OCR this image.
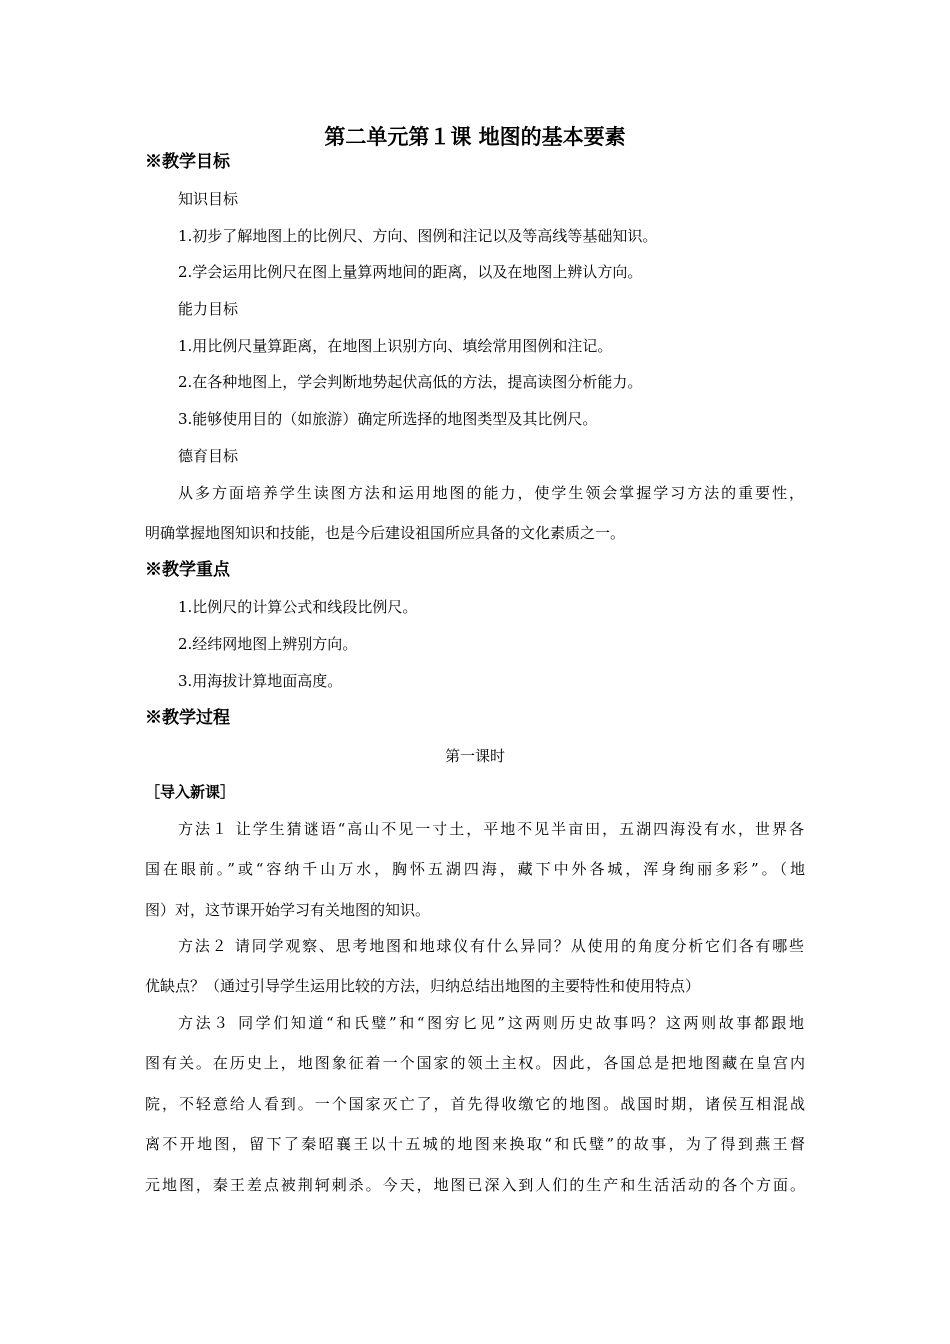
第二单元第１课 地图的基本要素
※教学目标
知识目标
1.初步了解地图上的比例尺、方向、图例和注记以及等高线等基础知识。
2.学会运用比例尺在图上量算两地间的距离，以及在地图上辨认方向。
能力目标
1.用比例尺量算距离，在地图上识别方向、填绘常用图例和注记。
2.在各种地图上，学会判断地势起伏高低的方法，提高读图分析能力。
3.能够使用目的（如旅游）确定所选择的地图类型及其比例尺。
德育目标
从多方面培养学生读图方法和运用地图的能力，使学生领会掌握学习方法的重要性，
明确掌握地图知识和技能，也是今后建设祖国所应具备的文化素质之一。
※教学重点
1.比例尺的计算公式和线段比例尺。
2.经纬网地图上辨别方向。
3.用海拔计算地面高度。
※教学过程
第一课时
［导入新课］
方法１ 让学生猜谜语“高山不见一寸土，平地不见半亩田，五湖四海没有水，世界各
国在眼前。”或“容纳千山万水，胸怀五湖四海，藏下中外各城，浑身绚丽多彩”。（地
图）对，这节课开始学习有关地图的知识。
方法２ 请同学观察、思考地图和地球仪有什么异同？从使用的角度分析它们各有哪些
优缺点？（通过引导学生运用比较的方法，归纳总结出地图的主要特性和使用特点）
方法３ 同学们知道“和氏璧”和“图穷匕见”这两则历史故事吗？这两则故事都跟地
图有关。在历史上，地图象征着一个国家的领土主权。因此，各国总是把地图藏在皇宫内
院，不轻意给人看到。一个国家灭亡了，首先得收缴它的地图。战国时期，诸侯互相混战
离不开地图，留下了秦昭襄王以十五城的地图来换取“和氏璧”的故事，为了得到燕王督
元地图，秦王差点被荆轲刺杀。今天，地图已深入到人们的生产和生活活动的各个方面。
